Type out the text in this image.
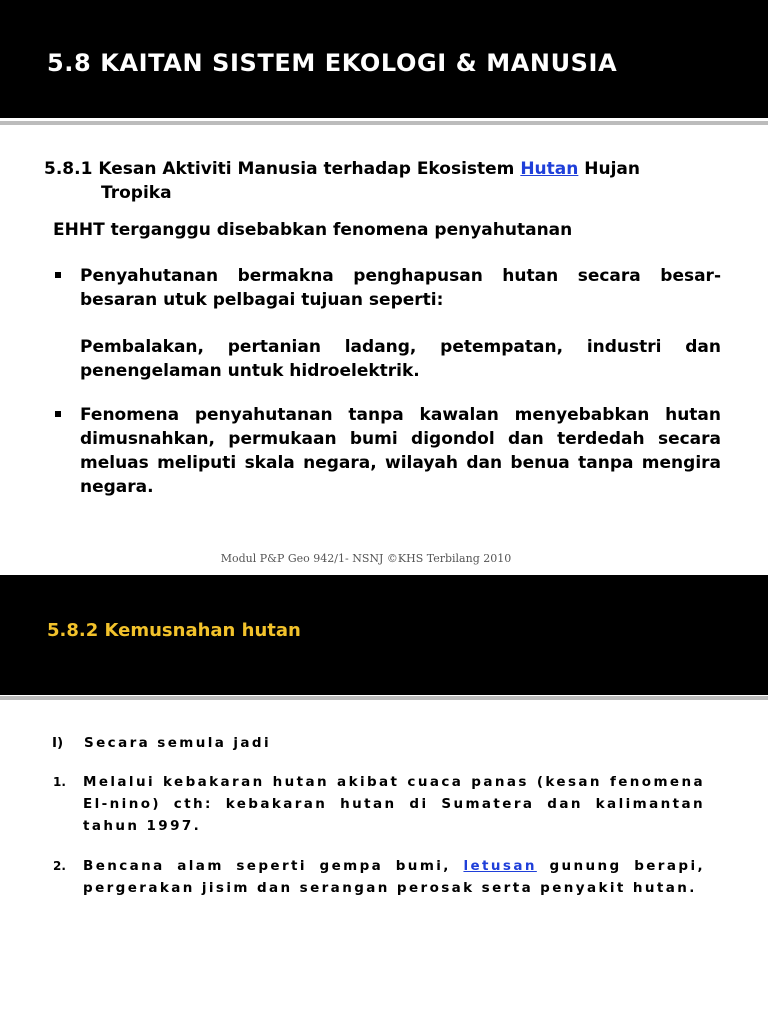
5.8 KAITAN SISTEM EKOLOGI & MANUSIA

5.8.1 Kesan Aktiviti Manusia terhadap Ekosistem Hutan Hujan
Tropika

EHHT terganggu disebabkan fenomena penyahutanan

Penyahutanan bermakna penghapusan hutan secara besar-besaran utuk pelbagai tujuan seperti:

Pembalakan, pertanian ladang, petempatan, industri dan penengelaman untuk hidroelektrik.

Fenomena penyahutanan tanpa kawalan menyebabkan hutan dimusnahkan, permukaan bumi digondol dan terdedah secara meluas meliputi skala negara, wilayah dan benua tanpa mengira negara.

Modul P&P Geo 942/1- NSNJ ©KHS Terbilang 2010
5.8.2 Kemusnahan hutan

I) Secara semula jadi

1. Melalui kebakaran hutan akibat cuaca panas (kesan fenomena El-nino) cth: kebakaran hutan di Sumatera dan kalimantan tahun 1997.

2. Bencana alam seperti gempa bumi, letusan gunung berapi, pergerakan jisim dan serangan perosak serta penyakit hutan.
